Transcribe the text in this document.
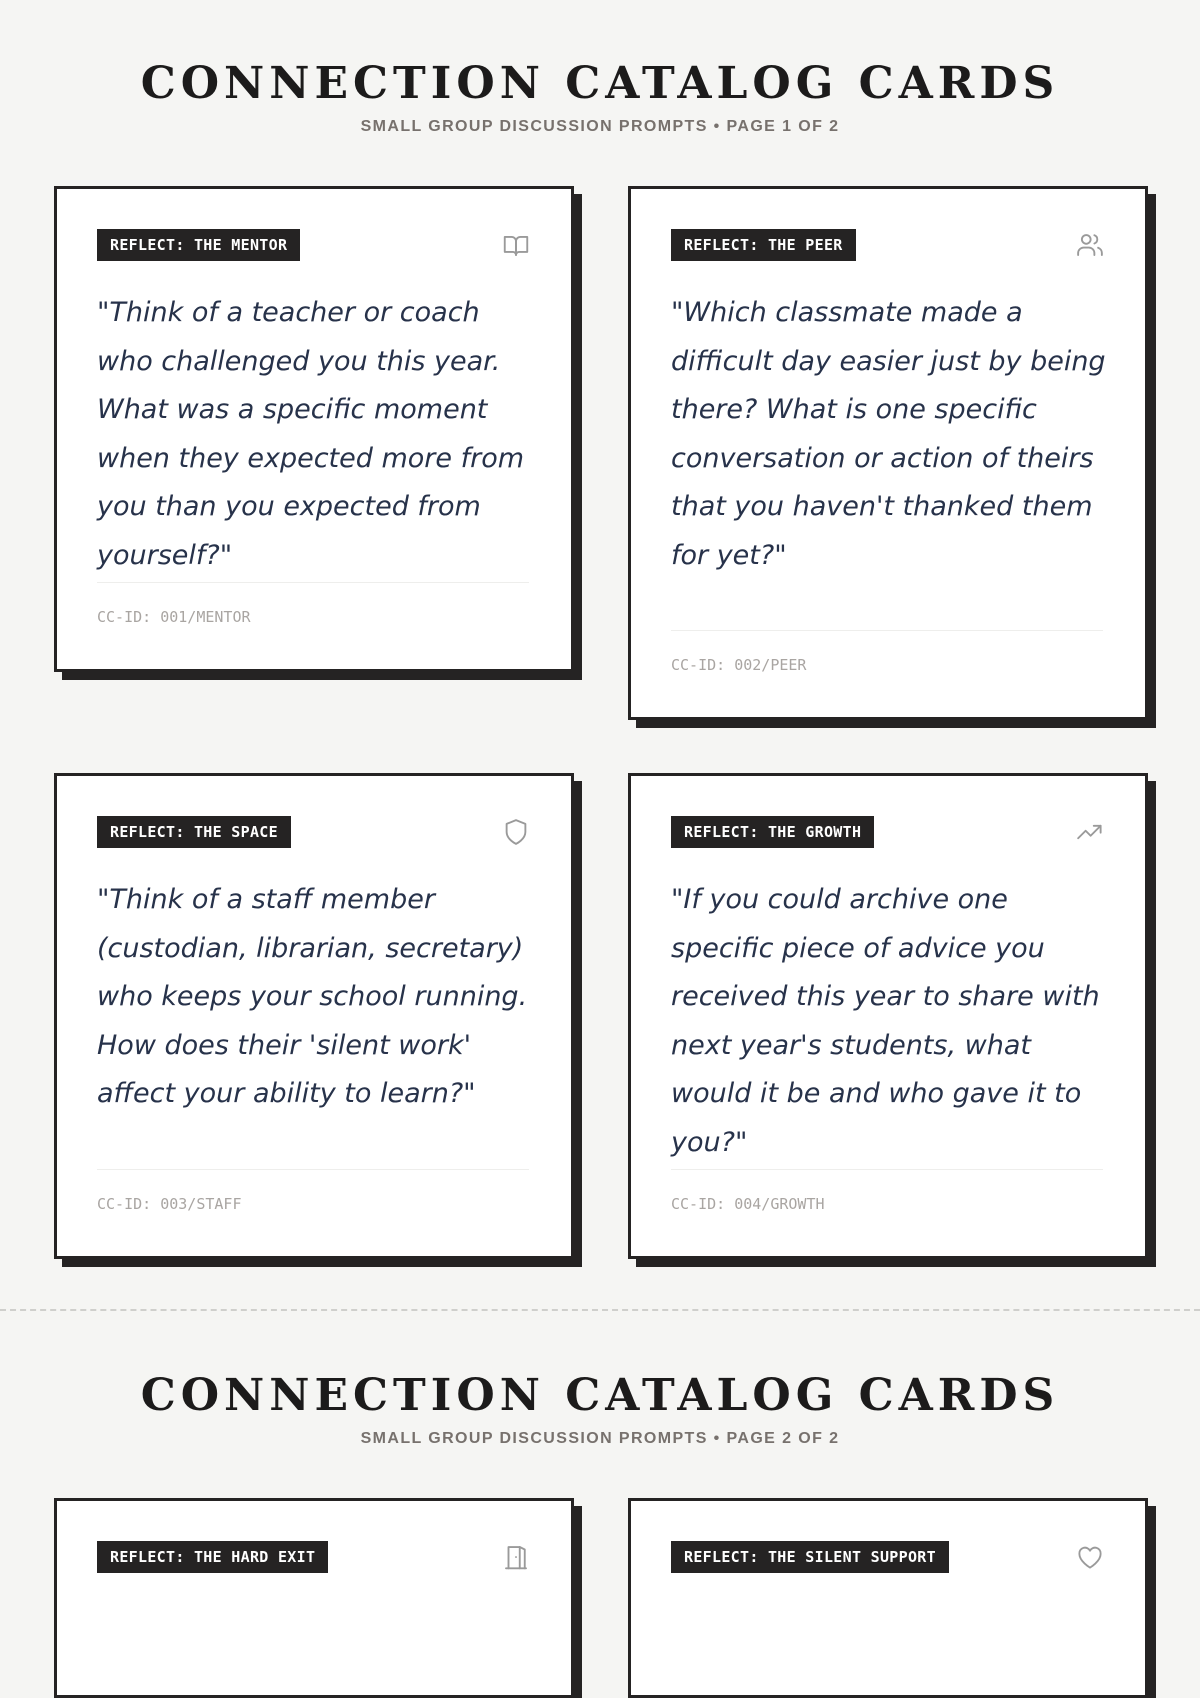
CONNECTION CATALOG CARDS
SMALL GROUP DISCUSSION PROMPTS • PAGE 1 OF 2
REFLECT: THE MENTOR

"Think of a teacher or coach who challenged you this year. What was a specific moment when they expected more from you than you expected from yourself?"

CC-ID: 001/MENTOR
REFLECT: THE PEER

"Which classmate made a difficult day easier just by being there? What is one specific conversation or action of theirs that you haven't thanked them for yet?"

CC-ID: 002/PEER
REFLECT: THE SPACE

"Think of a staff member (custodian, librarian, secretary) who keeps your school running. How does their 'silent work' affect your ability to learn?"

CC-ID: 003/STAFF
REFLECT: THE GROWTH

"If you could archive one specific piece of advice you received this year to share with next year's students, what would it be and who gave it to you?"

CC-ID: 004/GROWTH
CONNECTION CATALOG CARDS
SMALL GROUP DISCUSSION PROMPTS • PAGE 2 OF 2
REFLECT: THE HARD EXIT	REFLECT: THE SILENT SUPPORT
